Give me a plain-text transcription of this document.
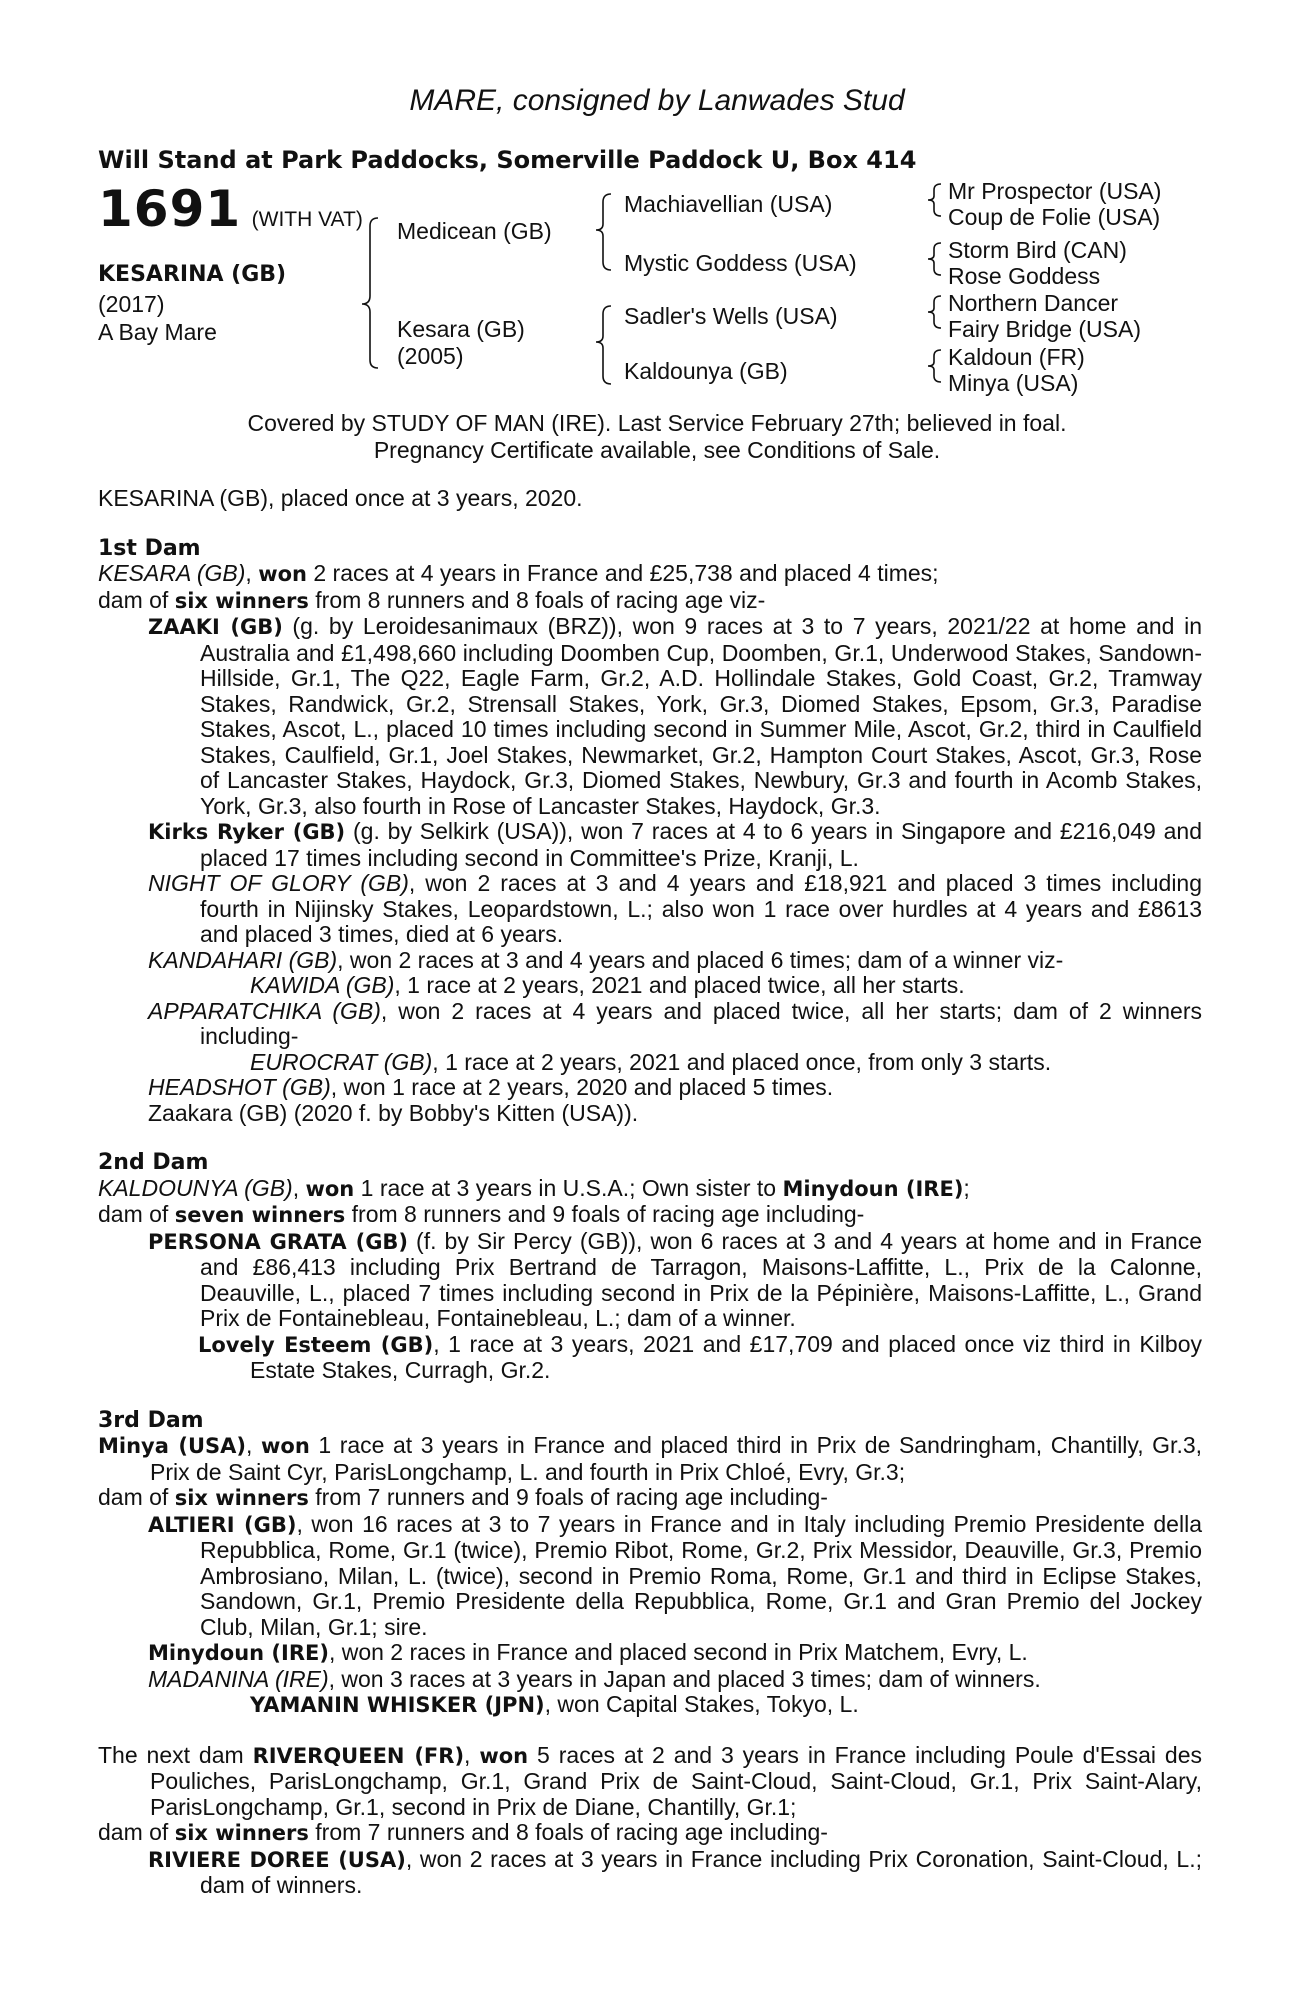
MARE, consigned by Lanwades Stud
Will Stand at Park Paddocks, Somerville Paddock U, Box 414
1691 (WITH VAT)
KESARINA (GB)
(2017)
A Bay Mare
Medicean (GB)
Kesara (GB)
(2005)
Machiavellian (USA)
Mystic Goddess (USA)
Sadler's Wells (USA)
Kaldounya (GB)
Mr Prospector (USA)
Coup de Folie (USA)
Storm Bird (CAN)
Rose Goddess
Northern Dancer
Fairy Bridge (USA)
Kaldoun (FR)
Minya (USA)
Covered by STUDY OF MAN (IRE). Last Service February 27th; believed in foal.
Pregnancy Certificate available, see Conditions of Sale.

KESARINA (GB), placed once at 3 years, 2020.

1st Dam

KESARA (GB), won 2 races at 4 years in France and £25,738 and placed 4 times;

dam of six winners from 8 runners and 8 foals of racing age viz-

ZAAKI (GB) (g. by Leroidesanimaux (BRZ)), won 9 races at 3 to 7 years, 2021/22 at home and in Australia and £1,498,660 including Doomben Cup, Doomben, Gr.1, Underwood Stakes, Sandown-Hillside, Gr.1, The Q22, Eagle Farm, Gr.2, A.D. Hollindale Stakes, Gold Coast, Gr.2, Tramway Stakes, Randwick, Gr.2, Strensall Stakes, York, Gr.3, Diomed Stakes, Epsom, Gr.3, Paradise Stakes, Ascot, L., placed 10 times including second in Summer Mile, Ascot, Gr.2, third in Caulfield Stakes, Caulfield, Gr.1, Joel Stakes, Newmarket, Gr.2, Hampton Court Stakes, Ascot, Gr.3, Rose of Lancaster Stakes, Haydock, Gr.3, Diomed Stakes, Newbury, Gr.3 and fourth in Acomb Stakes, York, Gr.3, also fourth in Rose of Lancaster Stakes, Haydock, Gr.3.

Kirks Ryker (GB) (g. by Selkirk (USA)), won 7 races at 4 to 6 years in Singapore and £216,049 and placed 17 times including second in Committee's Prize, Kranji, L.

NIGHT OF GLORY (GB), won 2 races at 3 and 4 years and £18,921 and placed 3 times including fourth in Nijinsky Stakes, Leopardstown, L.; also won 1 race over hurdles at 4 years and £8613 and placed 3 times, died at 6 years.

KANDAHARI (GB), won 2 races at 3 and 4 years and placed 6 times; dam of a winner viz-

KAWIDA (GB), 1 race at 2 years, 2021 and placed twice, all her starts.

APPARATCHIKA (GB), won 2 races at 4 years and placed twice, all her starts; dam of 2 winners including-

EUROCRAT (GB), 1 race at 2 years, 2021 and placed once, from only 3 starts.

HEADSHOT (GB), won 1 race at 2 years, 2020 and placed 5 times.

Zaakara (GB) (2020 f. by Bobby's Kitten (USA)).

2nd Dam

KALDOUNYA (GB), won 1 race at 3 years in U.S.A.; Own sister to Minydoun (IRE);

dam of seven winners from 8 runners and 9 foals of racing age including-

PERSONA GRATA (GB) (f. by Sir Percy (GB)), won 6 races at 3 and 4 years at home and in France and £86,413 including Prix Bertrand de Tarragon, Maisons-Laffitte, L., Prix de la Calonne, Deauville, L., placed 7 times including second in Prix de la Pépinière, Maisons-Laffitte, L., Grand Prix de Fontainebleau, Fontainebleau, L.; dam of a winner.

Lovely Esteem (GB), 1 race at 3 years, 2021 and £17,709 and placed once viz third in Kilboy Estate Stakes, Curragh, Gr.2.

3rd Dam

Minya (USA), won 1 race at 3 years in France and placed third in Prix de Sandringham, Chantilly, Gr.3, Prix de Saint Cyr, ParisLongchamp, L. and fourth in Prix Chloé, Evry, Gr.3;

dam of six winners from 7 runners and 9 foals of racing age including-

ALTIERI (GB), won 16 races at 3 to 7 years in France and in Italy including Premio Presidente della Repubblica, Rome, Gr.1 (twice), Premio Ribot, Rome, Gr.2, Prix Messidor, Deauville, Gr.3, Premio Ambrosiano, Milan, L. (twice), second in Premio Roma, Rome, Gr.1 and third in Eclipse Stakes, Sandown, Gr.1, Premio Presidente della Repubblica, Rome, Gr.1 and Gran Premio del Jockey Club, Milan, Gr.1; sire.

Minydoun (IRE), won 2 races in France and placed second in Prix Matchem, Evry, L.

MADANINA (IRE), won 3 races at 3 years in Japan and placed 3 times; dam of winners.

YAMANIN WHISKER (JPN), won Capital Stakes, Tokyo, L.

The next dam RIVERQUEEN (FR), won 5 races at 2 and 3 years in France including Poule d'Essai des Pouliches, ParisLongchamp, Gr.1, Grand Prix de Saint-Cloud, Saint-Cloud, Gr.1, Prix Saint-Alary, ParisLongchamp, Gr.1, second in Prix de Diane, Chantilly, Gr.1;

dam of six winners from 7 runners and 8 foals of racing age including-

RIVIERE DOREE (USA), won 2 races at 3 years in France including Prix Coronation, Saint-Cloud, L.; dam of winners.
